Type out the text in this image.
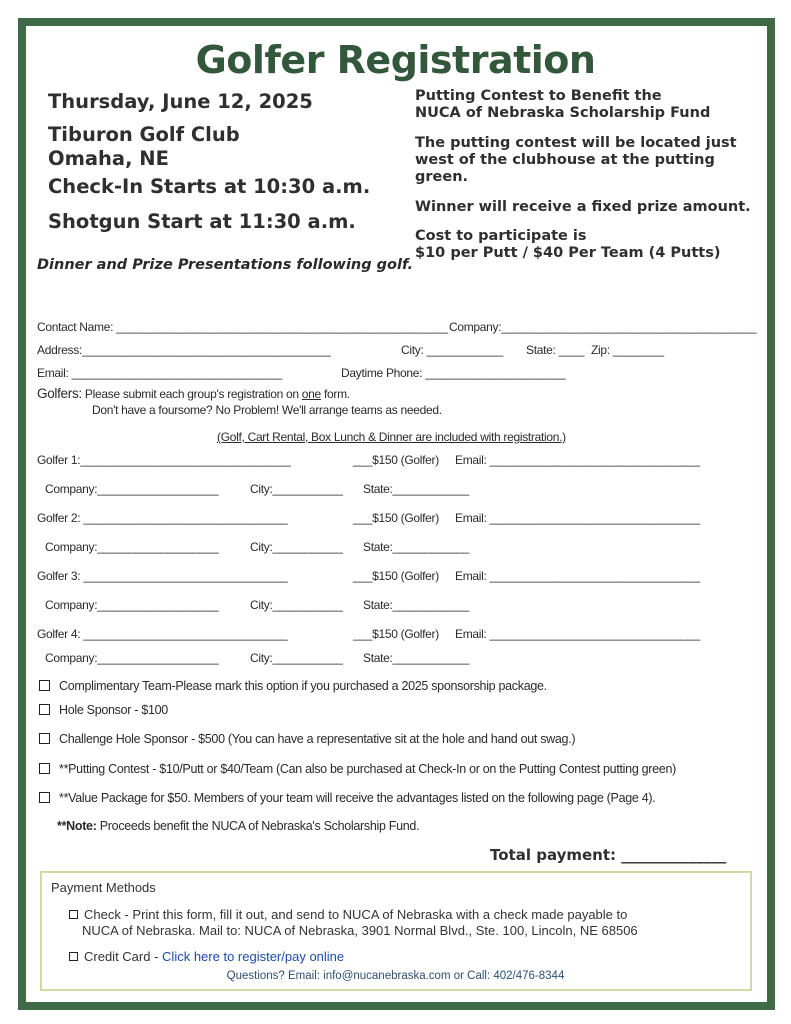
Golfer Registration
Thursday, June 12, 2025
Tiburon Golf Club
Omaha, NE
Check-In Starts at 10:30 a.m.
Shotgun Start at 11:30 a.m.
Dinner and Prize Presentations following golf.
Putting Contest to Benefit the
NUCA of Nebraska Scholarship Fund
The putting contest will be located just
west of the clubhouse at the putting
green.
Winner will receive a fixed prize amount.
Cost to participate is
$10 per Putt / $40 Per Team (4 Putts)
Contact Name: ____________________________________________________ Company:________________________________________
Address:_______________________________________	City: ____________ State: ____ Zip: ________
Email: _________________________________	Daytime Phone: ______________________
Golfers: Please submit each group's registration on one form.
Don't have a foursome? No Problem! We'll arrange teams as needed.
(Golf, Cart Rental, Box Lunch & Dinner are included with registration.)
Golfer 1:_________________________________	___$150 (Golfer) Email: _________________________________
Company:___________________	City:___________ State:____________
Golfer 2: ________________________________	___$150 (Golfer) Email: _________________________________
Company:___________________	City:___________ State:____________
Golfer 3: ________________________________	___$150 (Golfer) Email: _________________________________
Company:___________________	City:___________ State:____________
Golfer 4: ________________________________	___$150 (Golfer) Email: _________________________________
Company:___________________	City:___________ State:____________
Complimentary Team-Please mark this option if you purchased a 2025 sponsorship package.
Hole Sponsor - $100
Challenge Hole Sponsor - $500 (You can have a representative sit at the hole and hand out swag.)
**Putting Contest - $10/Putt or $40/Team (Can also be purchased at Check-In or on the Putting Contest putting green)
**Value Package for $50. Members of your team will receive the advantages listed on the following page (Page 4).
**Note: Proceeds benefit the NUCA of Nebraska's Scholarship Fund.
Total payment: ______________
Payment Methods
Check - Print this form, fill it out, and send to NUCA of Nebraska with a check made payable to
NUCA of Nebraska. Mail to: NUCA of Nebraska, 3901 Normal Blvd., Ste. 100, Lincoln, NE 68506
Credit Card - Click here to register/pay online
Questions? Email: info@nucanebraska.com or Call: 402/476-8344
